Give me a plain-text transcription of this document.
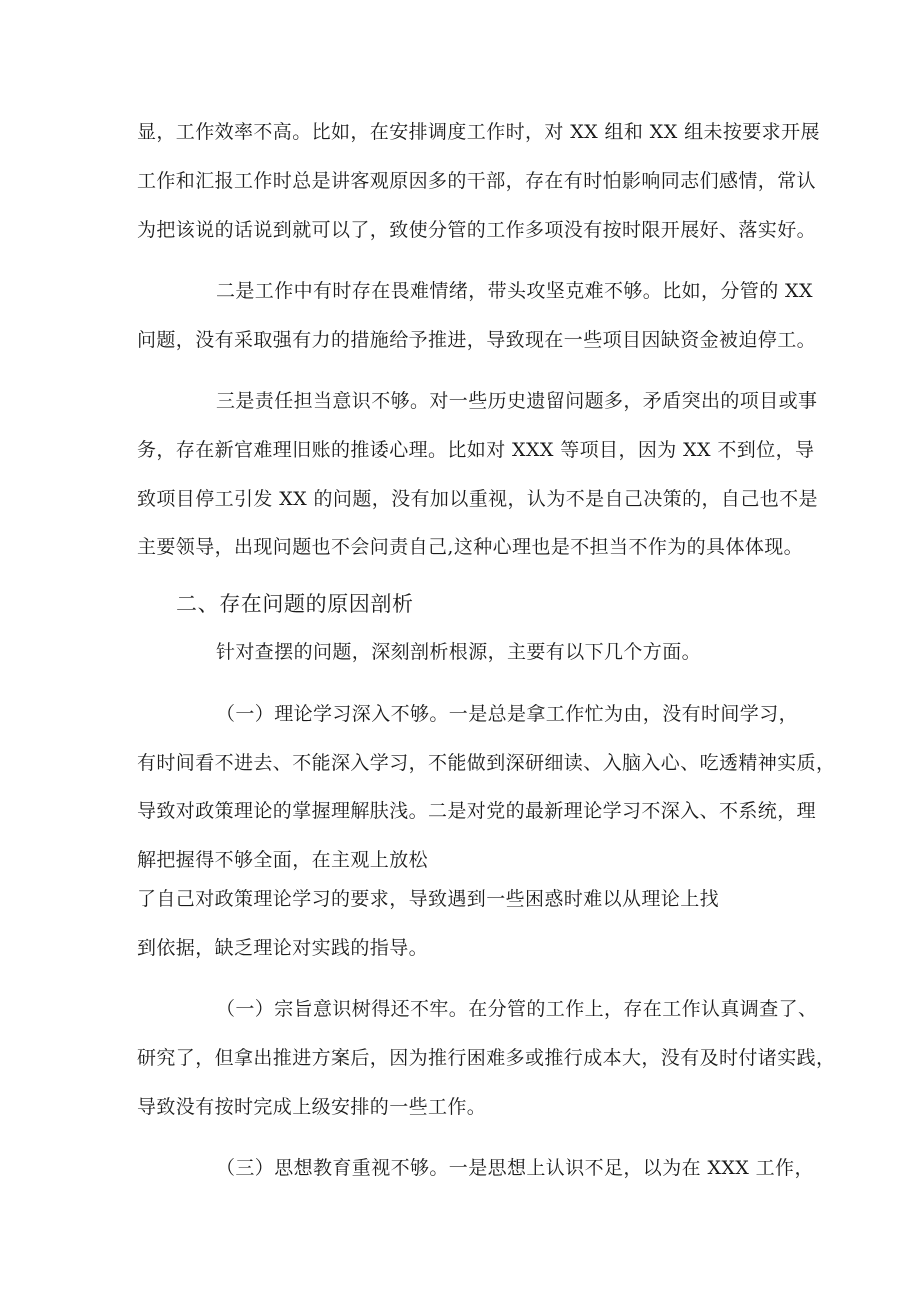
显，工作效率不高。比如，在安排调度工作时，对 XX 组和 XX 组未按要求开展
工作和汇报工作时总是讲客观原因多的干部，存在有时怕影响同志们感情，常认
为把该说的话说到就可以了，致使分管的工作多项没有按时限开展好、落实好。
二是工作中有时存在畏难情绪，带头攻坚克难不够。比如，分管的 XX
问题，没有采取强有力的措施给予推进，导致现在一些项目因缺资金被迫停工。
三是责任担当意识不够。对一些历史遗留问题多，矛盾突出的项目或事
务，存在新官难理旧账的推诿心理。比如对 XXX 等项目，因为 XX 不到位，导
致项目停工引发 XX 的问题，没有加以重视，认为不是自己决策的，自己也不是
主要领导，出现问题也不会问责自己,这种心理也是不担当不作为的具体体现。
二、存在问题的原因剖析
针对查摆的问题，深刻剖析根源，主要有以下几个方面。
（一）理论学习深入不够。一是总是拿工作忙为由，没有时间学习，
有时间看不进去、不能深入学习，不能做到深研细读、入脑入心、吃透精神实质，
导致对政策理论的掌握理解肤浅。二是对党的最新理论学习不深入、不系统，理
解把握得不够全面，在主观上放松
了自己对政策理论学习的要求，导致遇到一些困惑时难以从理论上找
到依据，缺乏理论对实践的指导。
（一）宗旨意识树得还不牢。在分管的工作上，存在工作认真调查了、
研究了，但拿出推进方案后，因为推行困难多或推行成本大，没有及时付诸实践，
导致没有按时完成上级安排的一些工作。
（三）思想教育重视不够。一是思想上认识不足，以为在 XXX 工作，
